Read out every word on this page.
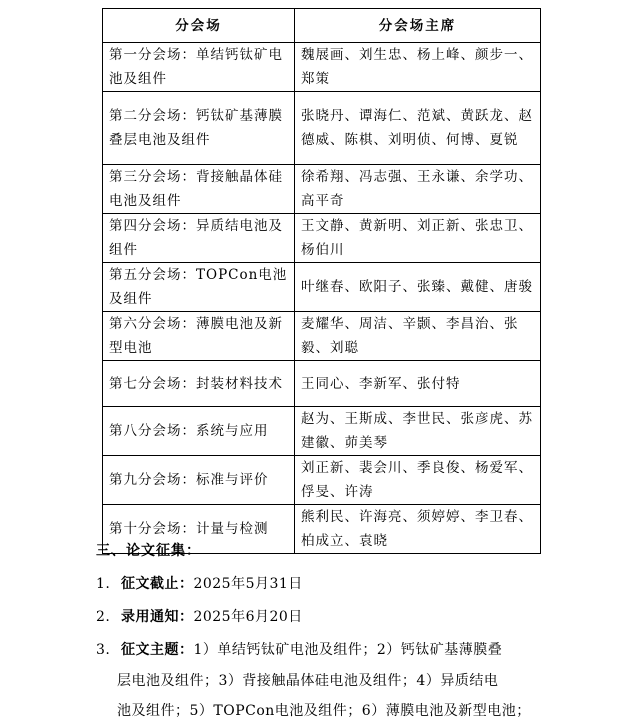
分会场	分会场主席
第一分会场：单结钙钛矿电池及组件	魏展画、刘生忠、杨上峰、颜步一、郑策
第二分会场：钙钛矿基薄膜叠层电池及组件	张晓丹、谭海仁、范斌、黄跃龙、赵德威、陈棋、刘明侦、何博、夏锐
第三分会场：背接触晶体硅电池及组件	徐希翔、冯志强、王永谦、余学功、高平奇
第四分会场：异质结电池及组件	王文静、黄新明、刘正新、张忠卫、杨伯川
第五分会场：TOPCon电池及组件	叶继春、欧阳子、张臻、戴健、唐骏
第六分会场：薄膜电池及新型电池	麦耀华、周洁、辛颢、李昌治、张毅、刘聪
第七分会场：封装材料技术	王同心、李新军、张付特
第八分会场：系统与应用	赵为、王斯成、李世民、张彦虎、苏建徽、茆美琴
第九分会场：标准与评价	刘正新、裴会川、季良俊、杨爱军、俘旻、许涛
第十分会场：计量与检测	熊利民、许海亮、须婷婷、李卫春、柏成立、袁晓
三、论文征集：
1. 征文截止：2025年5月31日
2. 录用通知：2025年6月20日
3. 征文主题：1）单结钙钛矿电池及组件；2）钙钛矿基薄膜叠
层电池及组件；3）背接触晶体硅电池及组件；4）异质结电
池及组件；5）TOPCon电池及组件；6）薄膜电池及新型电池；
